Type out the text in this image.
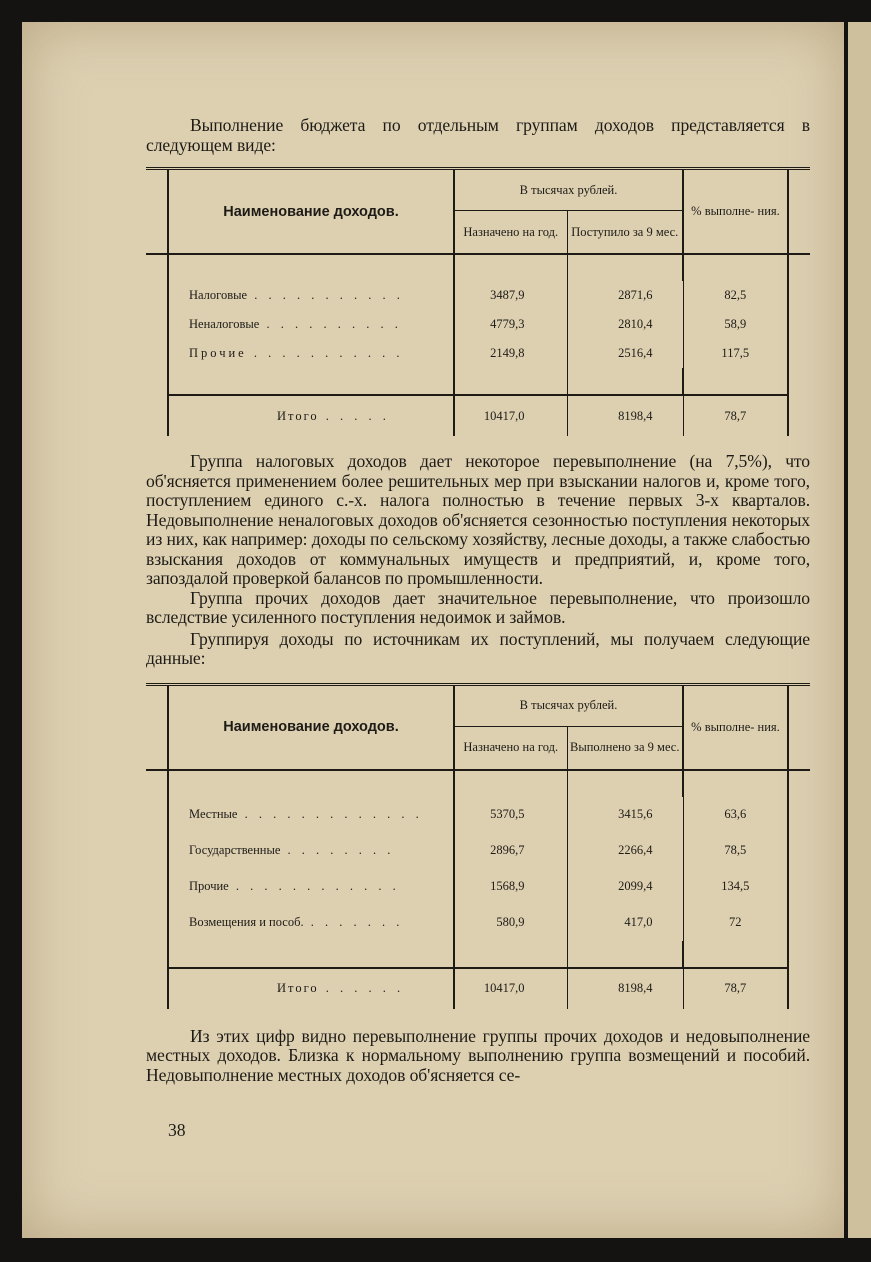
Выполнение бюджета по отдельным группам доходов представляется в следующем виде:

	Наименование доходов.	В тысячах рублей.		% выполне- ния.	
		Назначено на год.	Поступило за 9 мес.		

	Налоговые . . . . . . . . . . .	3487,9	2871,6	82,5	
	Неналоговые . . . . . . . . . .	4779,3	2810,4	58,9	
	Прочие . . . . . . . . . . .	2149,8	2516,4	117,5	

	Итого . . . . .	10417,0	8198,4	78,7	

Группа налоговых доходов дает некоторое перевыполнение (на 7,5%), что об'ясняется применением более решительных мер при взыскании налогов и, кроме того, поступлением единого с.-х. налога полностью в течение первых 3-х кварталов. Недовыполнение неналоговых доходов об'ясняется сезонностью поступления некоторых из них, как например: доходы по сельскому хозяйству, лесные доходы, а также слабостью взыскания доходов от коммунальных имуществ и предприятий, и, кроме того, запоздалой проверкой балансов по промышленности.

Группа прочих доходов дает значительное перевыполнение, что произошло вследствие усиленного поступления недоимок и займов.

Группируя доходы по источникам их поступлений, мы получаем следующие данные:

	Наименование доходов.	В тысячах рублей.		% выполне- ния.	
		Назначено на год.	Выполнено за 9 мес.		

	Местные . . . . . . . . . . . . .	5370,5	3415,6	63,6	
	Государственные . . . . . . . .	2896,7	2266,4	78,5	
	Прочие . . . . . . . . . . . .	1568,9	2099,4	134,5	
	Возмещения и пособ. . . . . . . .	580,9	417,0	72	

	Итого . . . . . .	10417,0	8198,4	78,7	

Из этих цифр видно перевыполнение группы прочих доходов и недовыполнение местных доходов. Близка к нормальному выполнению группа возмещений и пособий. Недовыполнение местных доходов об'ясняется се-

38
